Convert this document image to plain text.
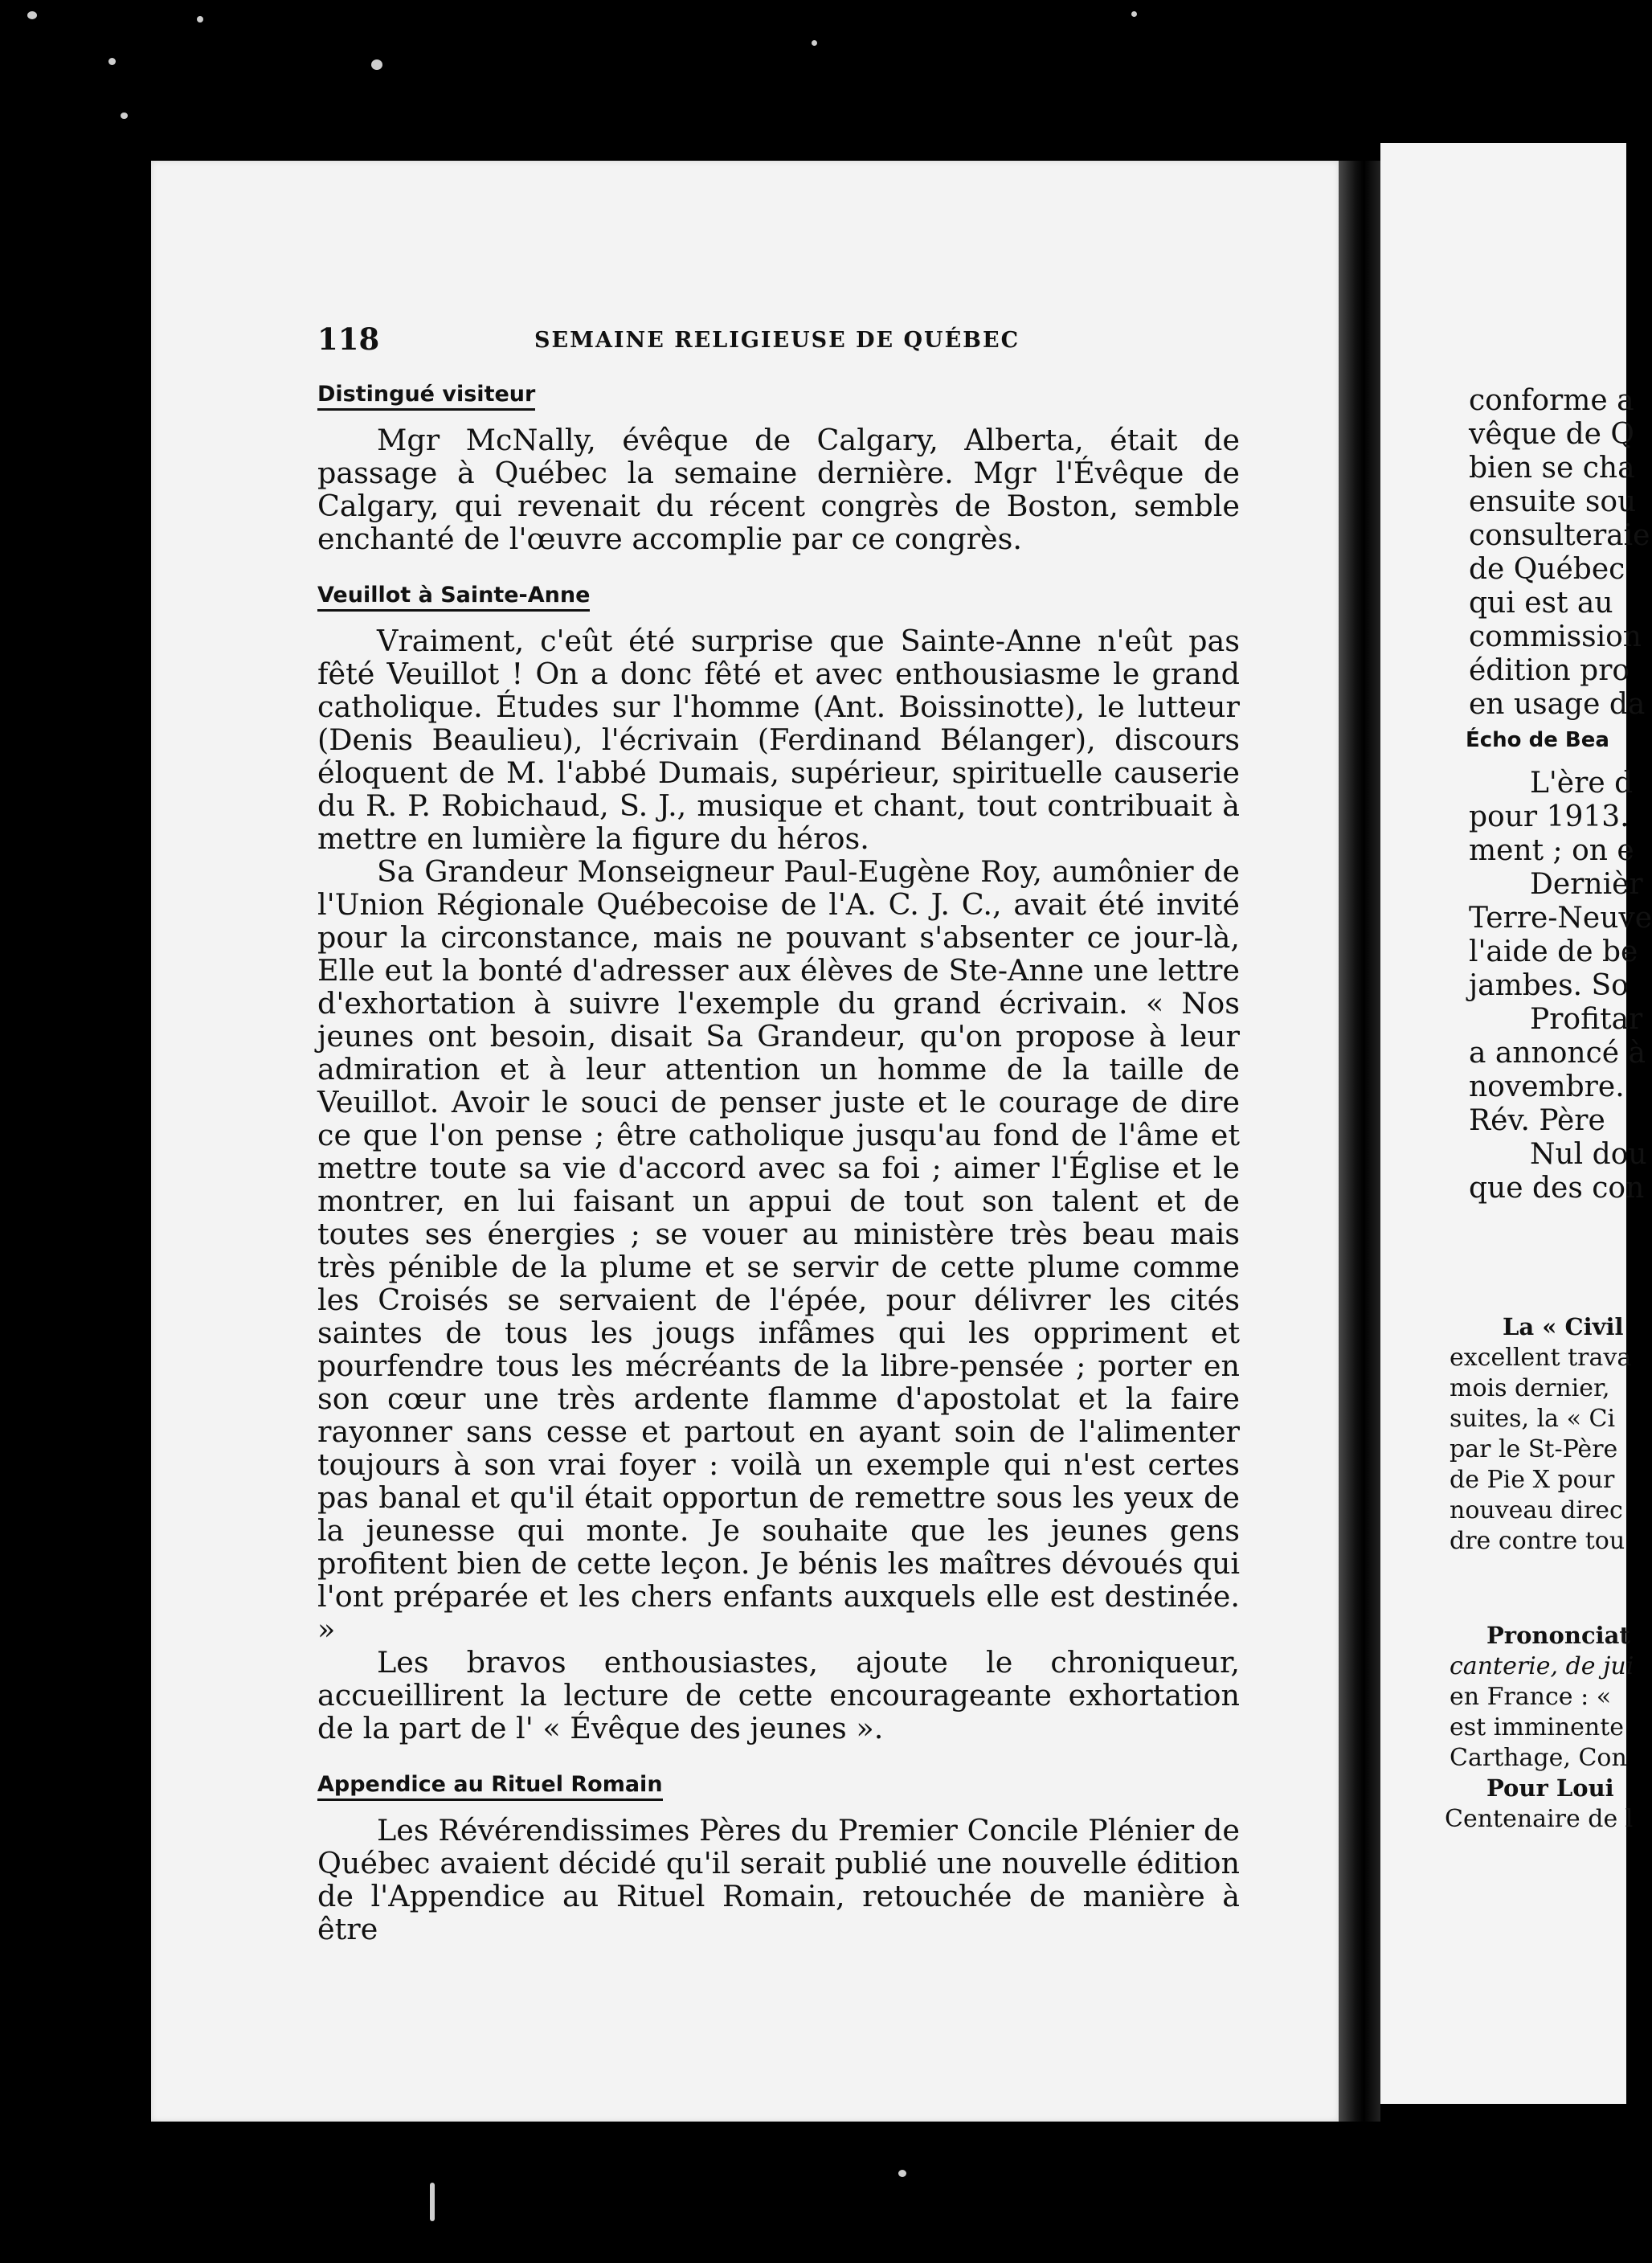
118	SEMAINE RELIGIEUSE DE QUÉBEC
Distingué visiteur

Mgr McNally, évêque de Calgary, Alberta, était de passage à Québec la semaine dernière. Mgr l'Évêque de Calgary, qui revenait du récent congrès de Boston, semble enchanté de l'œuvre accomplie par ce congrès.

Veuillot à Sainte-Anne

Vraiment, c'eût été surprise que Sainte-Anne n'eût pas fêté Veuillot ! On a donc fêté et avec enthousiasme le grand catholique. Études sur l'homme (Ant. Boissinotte), le lutteur (Denis Beaulieu), l'écrivain (Ferdinand Bélanger), discours éloquent de M. l'abbé Dumais, supérieur, spirituelle causerie du R. P. Robichaud, S. J., musique et chant, tout contribuait à mettre en lumière la figure du héros.

Sa Grandeur Monseigneur Paul-Eugène Roy, aumônier de l'Union Régionale Québecoise de l'A. C. J. C., avait été invité pour la circonstance, mais ne pouvant s'absenter ce jour-là, Elle eut la bonté d'adresser aux élèves de Ste-Anne une lettre d'exhortation à suivre l'exemple du grand écrivain. « Nos jeunes ont besoin, disait Sa Grandeur, qu'on propose à leur admiration et à leur attention un homme de la taille de Veuillot. Avoir le souci de penser juste et le courage de dire ce que l'on pense ; être catholique jusqu'au fond de l'âme et mettre toute sa vie d'accord avec sa foi ; aimer l'Église et le montrer, en lui faisant un appui de tout son talent et de toutes ses énergies ; se vouer au ministère très beau mais très pénible de la plume et se servir de cette plume comme les Croisés se servaient de l'épée, pour délivrer les cités saintes de tous les jougs infâmes qui les oppriment et pourfendre tous les mécréants de la libre-pensée ; porter en son cœur une très ardente flamme d'apostolat et la faire rayonner sans cesse et partout en ayant soin de l'alimenter toujours à son vrai foyer : voilà un exemple qui n'est certes pas banal et qu'il était opportun de remettre sous les yeux de la jeunesse qui monte. Je souhaite que les jeunes gens profitent bien de cette leçon. Je bénis les maîtres dévoués qui l'ont préparée et les chers enfants auxquels elle est destinée. »

Les bravos enthousiastes, ajoute le chroniqueur, accueillirent la lecture de cette encourageante exhortation de la part de l' « Évêque des jeunes ».

Appendice au Rituel Romain

Les Révérendissimes Pères du Premier Concile Plénier de Québec avaient décidé qu'il serait publié une nouvelle édition de l'Appendice au Rituel Romain, retouchée de manière à être

conforme a
vêque de Q
bien se cha
ensuite sou
consulteraie
de Québec
qui est au
commission
édition pro
en usage da
Écho de Bea
L'ère d
pour 1913.
ment ; on e
Dernièr
Terre-Neuve
l'aide de be
jambes. So
Profitar
a annoncé à
novembre.
Rév. Père
Nul dou
que des con
La « Civil
excellent trava
mois dernier,
suites, la « Ci
par le St-Père
de Pie X pour
nouveau direc
dre contre tou
Prononciat
canterie, de jui
en France : «
est imminente
Carthage, Con
Pour Loui
Centenaire de l
